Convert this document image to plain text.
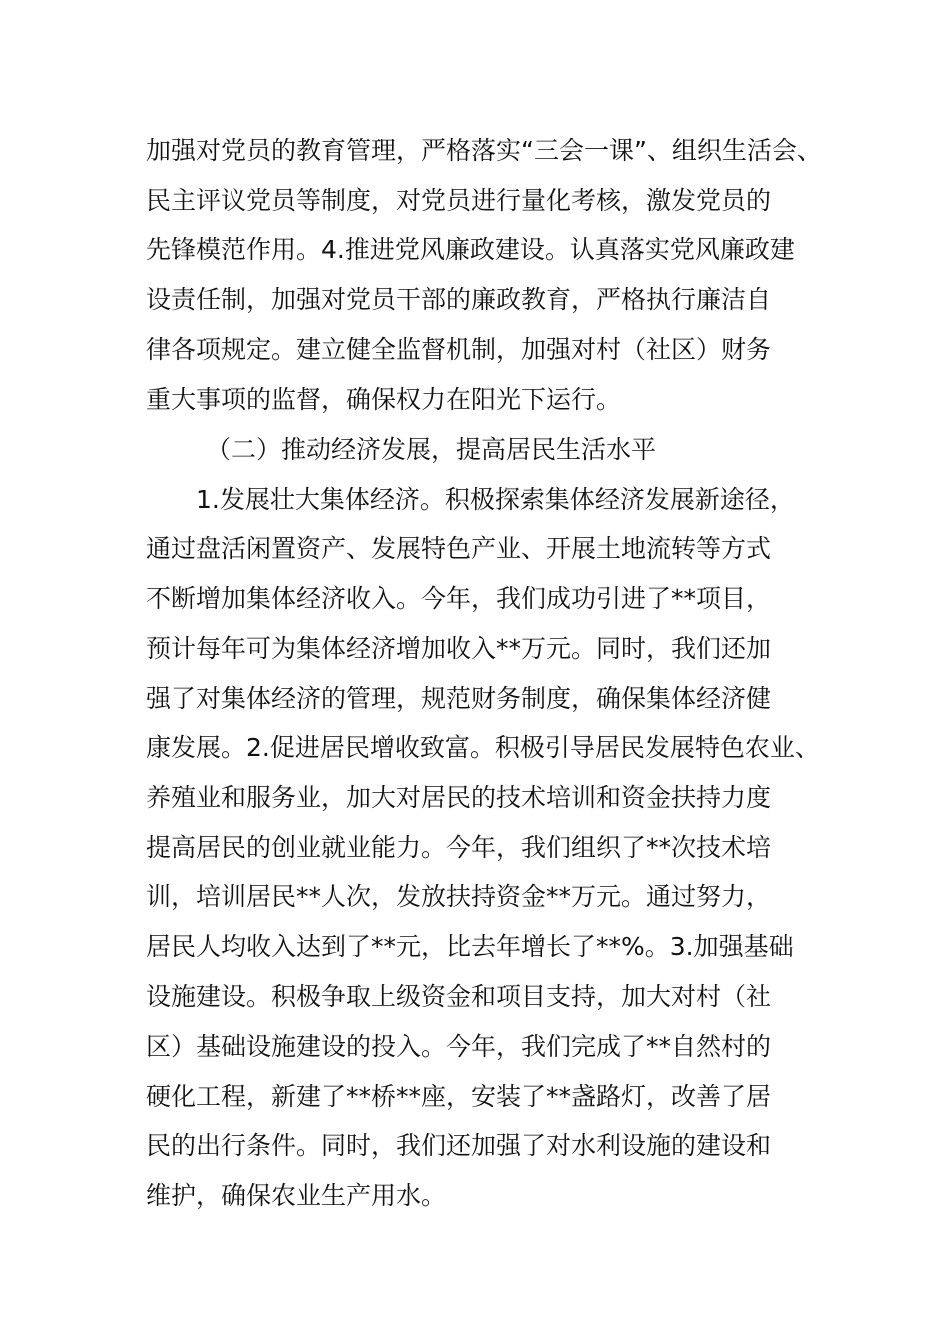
加强对党员的教育管理，严格落实“三会一课”、组织生活会、
民主评议党员等制度，对党员进行量化考核，激发党员的
先锋模范作用。4.推进党风廉政建设。认真落实党风廉政建
设责任制，加强对党员干部的廉政教育，严格执行廉洁自
律各项规定。建立健全监督机制，加强对村（社区）财务
重大事项的监督，确保权力在阳光下运行。
（二）推动经济发展，提高居民生活水平
1.发展壮大集体经济。积极探索集体经济发展新途径，
通过盘活闲置资产、发展特色产业、开展土地流转等方式
不断增加集体经济收入。今年，我们成功引进了**项目，
预计每年可为集体经济增加收入**万元。同时，我们还加
强了对集体经济的管理，规范财务制度，确保集体经济健
康发展。2.促进居民增收致富。积极引导居民发展特色农业、
养殖业和服务业，加大对居民的技术培训和资金扶持力度
提高居民的创业就业能力。今年，我们组织了**次技术培
训，培训居民**人次，发放扶持资金**万元。通过努力，
居民人均收入达到了**元，比去年增长了**%。3.加强基础
设施建设。积极争取上级资金和项目支持，加大对村（社
区）基础设施建设的投入。今年，我们完成了**自然村的
硬化工程，新建了**桥**座，安装了**盏路灯，改善了居
民的出行条件。同时，我们还加强了对水利设施的建设和
维护，确保农业生产用水。
